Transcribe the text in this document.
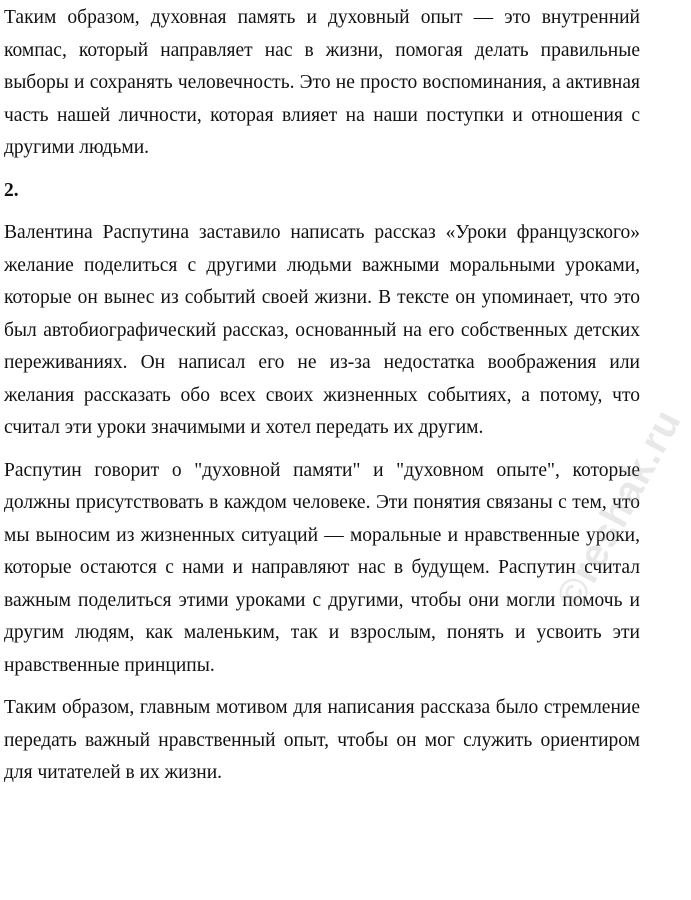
Таким образом, духовная память и духовный опыт — это внутренний компас, который направляет нас в жизни, помогая делать правильные выборы и сохранять человечность. Это не просто воспоминания, а активная часть нашей личности, которая влияет на наши поступки и отношения с другими людьми.

2.

Валентина Распутина заставило написать рассказ «Уроки французского» желание поделиться с другими людьми важными моральными уроками, которые он вынес из событий своей жизни. В тексте он упоминает, что это был автобиографический рассказ, основанный на его собственных детских переживаниях. Он написал его не из-за недостатка воображения или желания рассказать обо всех своих жизненных событиях, а потому, что считал эти уроки значимыми и хотел передать их другим.

Распутин говорит о "духовной памяти" и "духовном опыте", которые должны присутствовать в каждом человеке. Эти понятия связаны с тем, что мы выносим из жизненных ситуаций — моральные и нравственные уроки, которые остаются с нами и направляют нас в будущем. Распутин считал важным поделиться этими уроками с другими, чтобы они могли помочь и другим людям, как маленьким, так и взрослым, понять и усвоить эти нравственные принципы.

Таким образом, главным мотивом для написания рассказа было стремление передать важный нравственный опыт, чтобы он мог служить ориентиром для читателей в их жизни.

©reshak.ru
